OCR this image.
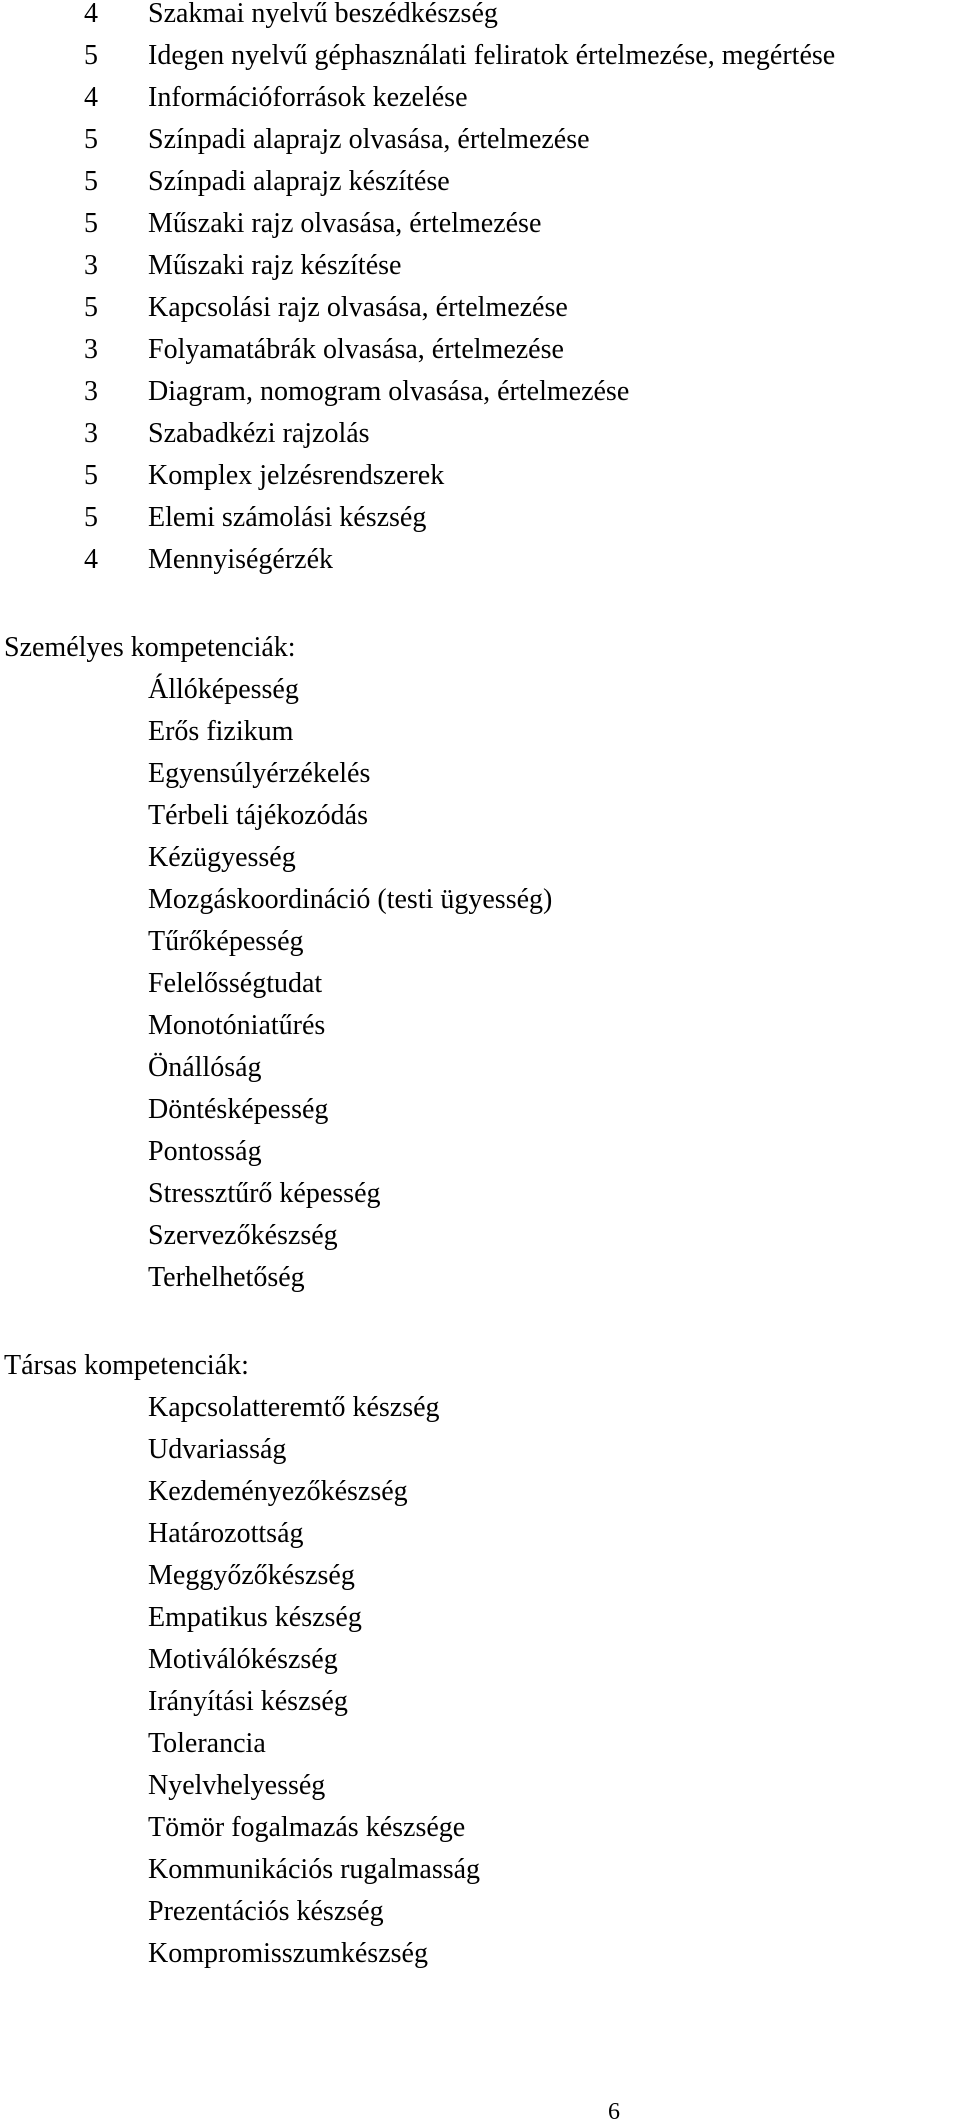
4 Szakmai nyelvű beszédkészség
5 Idegen nyelvű géphasználati feliratok értelmezése, megértése
4 Információforrások kezelése
5 Színpadi alaprajz olvasása, értelmezése
5 Színpadi alaprajz készítése
5 Műszaki rajz olvasása, értelmezése
3 Műszaki rajz készítése
5 Kapcsolási rajz olvasása, értelmezése
3 Folyamatábrák olvasása, értelmezése
3 Diagram, nomogram olvasása, értelmezése
3 Szabadkézi rajzolás
5 Komplex jelzésrendszerek
5 Elemi számolási készség
4 Mennyiségérzék
Személyes kompetenciák:
Állóképesség
Erős fizikum
Egyensúlyérzékelés
Térbeli tájékozódás
Kézügyesség
Mozgáskoordináció (testi ügyesség)
Tűrőképesség
Felelősségtudat
Monotóniatűrés
Önállóság
Döntésképesség
Pontosság
Stressztűrő képesség
Szervezőkészség
Terhelhetőség
Társas kompetenciák:
Kapcsolatteremtő készség
Udvariasság
Kezdeményezőkészség
Határozottság
Meggyőzőkészség
Empatikus készség
Motiválókészség
Irányítási készség
Tolerancia
Nyelvhelyesség
Tömör fogalmazás készsége
Kommunikációs rugalmasság
Prezentációs készség
Kompromisszumkészség
6
